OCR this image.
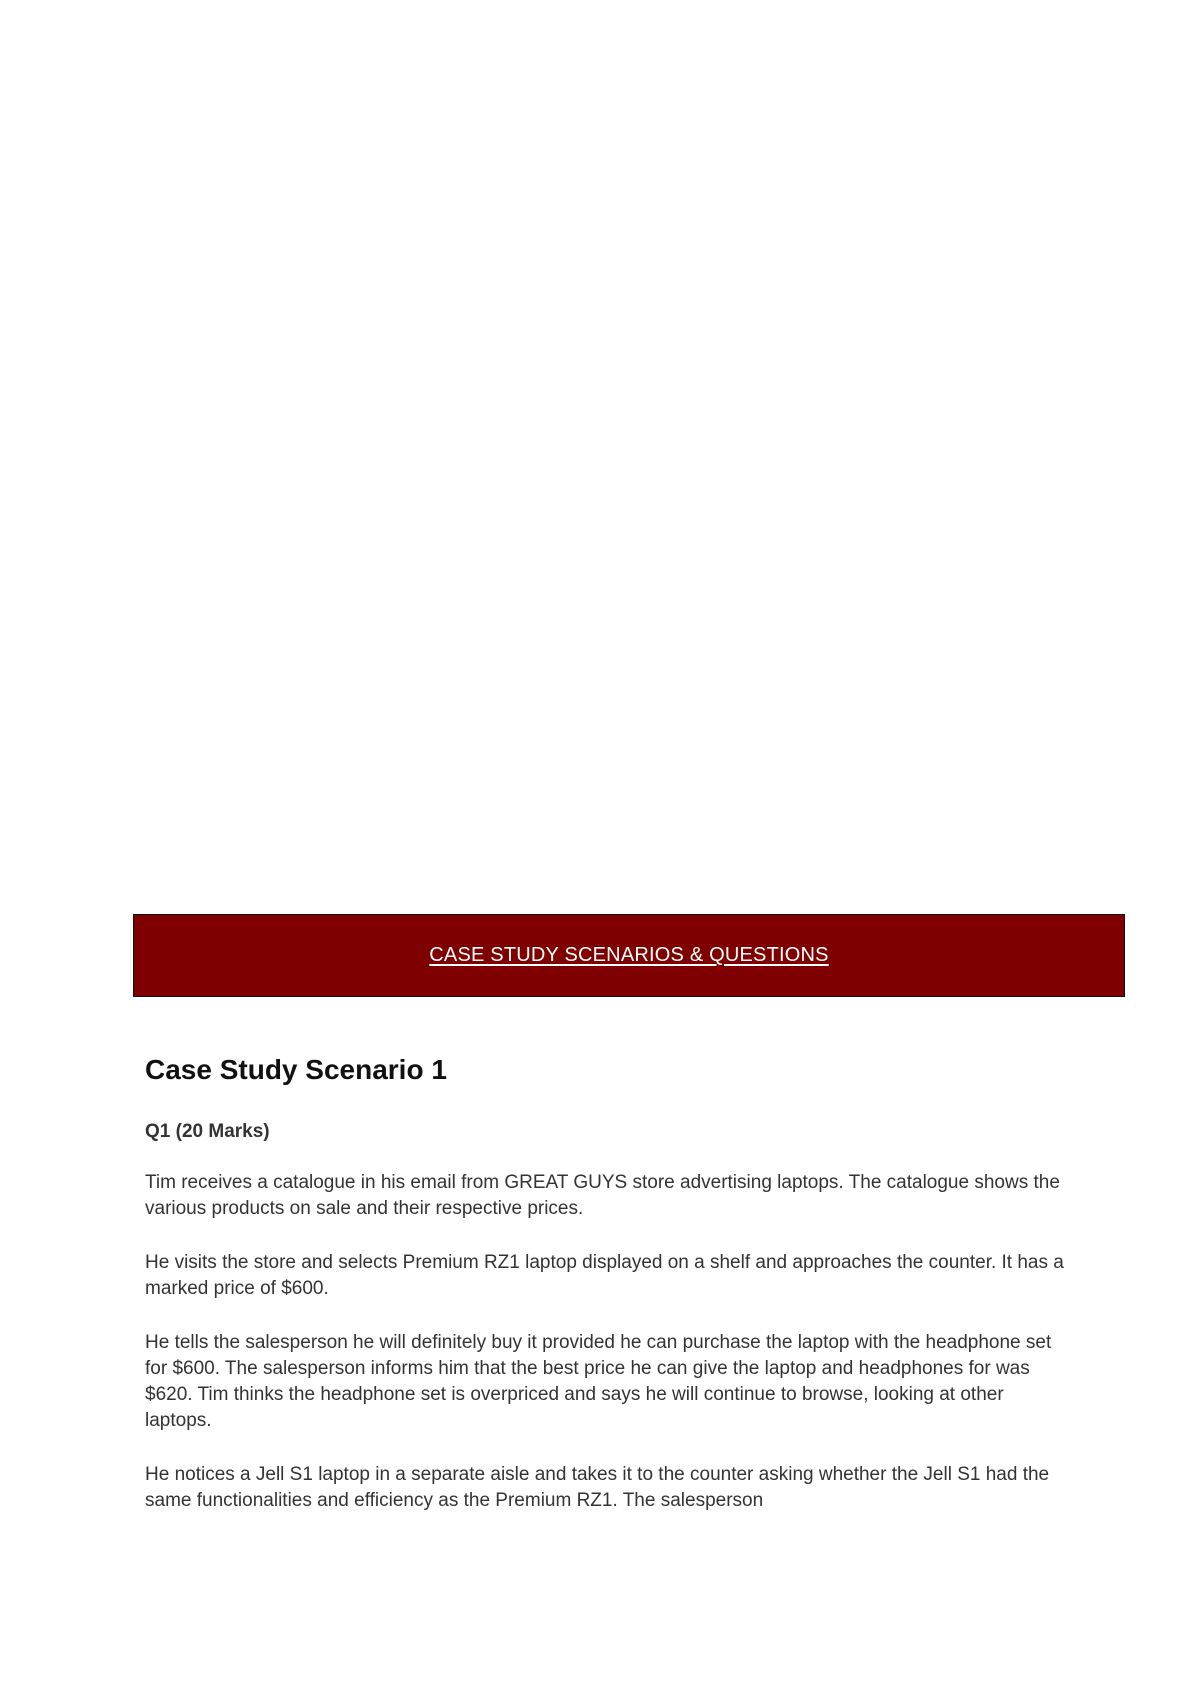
CASE STUDY SCENARIOS & QUESTIONS
Case Study Scenario 1
Q1 (20 Marks)

Tim receives a catalogue in his email from GREAT GUYS store advertising laptops. The catalogue shows the various products on sale and their respective prices.

He visits the store and selects Premium RZ1 laptop displayed on a shelf and approaches the counter. It has a marked price of $600.

He tells the salesperson he will definitely buy it provided he can purchase the laptop with the headphone set for $600. The salesperson informs him that the best price he can give the laptop and headphones for was $620. Tim thinks the headphone set is overpriced and says he will continue to browse, looking at other laptops.

He notices a Jell S1 laptop in a separate aisle and takes it to the counter asking whether the Jell S1 had the same functionalities and efficiency as the Premium RZ1. The salesperson
